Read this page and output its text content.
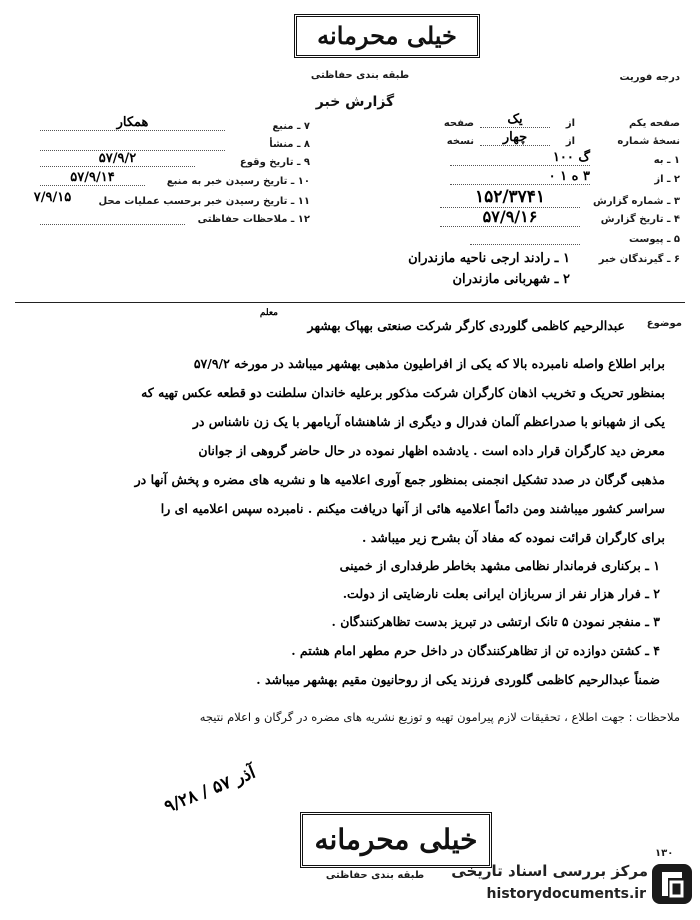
خیلی محرمانه
طبقه بندی حفاظتی	درجه فوریت
گزارش خبر
صفحه یکم
از
یک
صفحه
نسخهٔ شماره
از
چهار
نسخه
۱ ـ به
گ ۱۰۰
۲ ـ از
۳ ه ۱ ۰
۳ ـ شماره گزارش
۱۵۲/۳۷۴۱
۴ ـ تاریخ گزارش
۵۷/۹/۱۶
۵ ـ پیوست
۶ ـ گیرندگان خبر
۱ ـ رادند ارجی ناحیه مازندران
۲ ـ شهربانی مازندران
۷ ـ منبع
همکار
۸ ـ منشأ
۹ ـ تاریخ وقوع
۵۷/۹/۲
۱۰ ـ تاریخ رسیدن خبر به منبع
۵۷/۹/۱۴
۱۱ ـ تاریخ رسیدن خبر برحسب عملیات محل
۷/۹/۱۵
۱۲ ـ ملاحظات حفاظتی
موضوع
معلم
عبدالرحیم کاظمی گلوردی کارگر شرکت صنعتی بهپاک بهشهر
برابر اطلاع واصله نامبرده بالا که یکی از افراطیون مذهبی بهشهر میباشد در مورخه ۵۷/۹/۲
بمنظور تحریک و تخریب اذهان کارگران شرکت مذکور برعلیه خاندان سلطنت دو قطعه عکس تهیه که
یکی از شهبانو با صدراعظم آلمان فدرال و دیگری از شاهنشاه آریامهر با یک زن ناشناس در
معرض دید کارگران قرار داده است . یادشده اظهار نموده در حال حاضر گروهی از جوانان
مذهبی گرگان در صدد تشکیل انجمنی بمنظور جمع آوری اعلامیه ها و نشریه های مضره و پخش آنها در
سراسر کشور میباشند ومن دائماً اعلامیه هائی از آنها دریافت میکنم . نامبرده سپس اعلامیه ای را
برای کارگران قرائت نموده که مفاد آن بشرح زیر میباشد .
۱ ـ برکناری فرماندار نظامی مشهد بخاطر طرفداری از خمینی
۲ ـ فرار هزار نفر از سربازان ایرانی بعلت نارضایتی از دولت.
۳ ـ منفجر نمودن ۵ تانک ارتشی در تبریز بدست تظاهرکنندگان .
۴ ـ کشتن دوازده تن از تظاهرکنندگان در داخل حرم مطهر امام هشتم .
ضمناً عبدالرحیم کاظمی گلوردی فرزند یکی از روحانیون مقیم بهشهر میباشد .
ملاحظات : جهت اطلاع ، تحقیقات لازم پیرامون تهیه و توزیع نشریه های مضره در گرگان و اعلام نتیجه
آذر ۵۷ / ۹/۲۸
خیلی محرمانه
طبقه بندی حفاظتی	مرکز بررسی اسناد تاریخی
historydocuments.ir
۱۳۰
